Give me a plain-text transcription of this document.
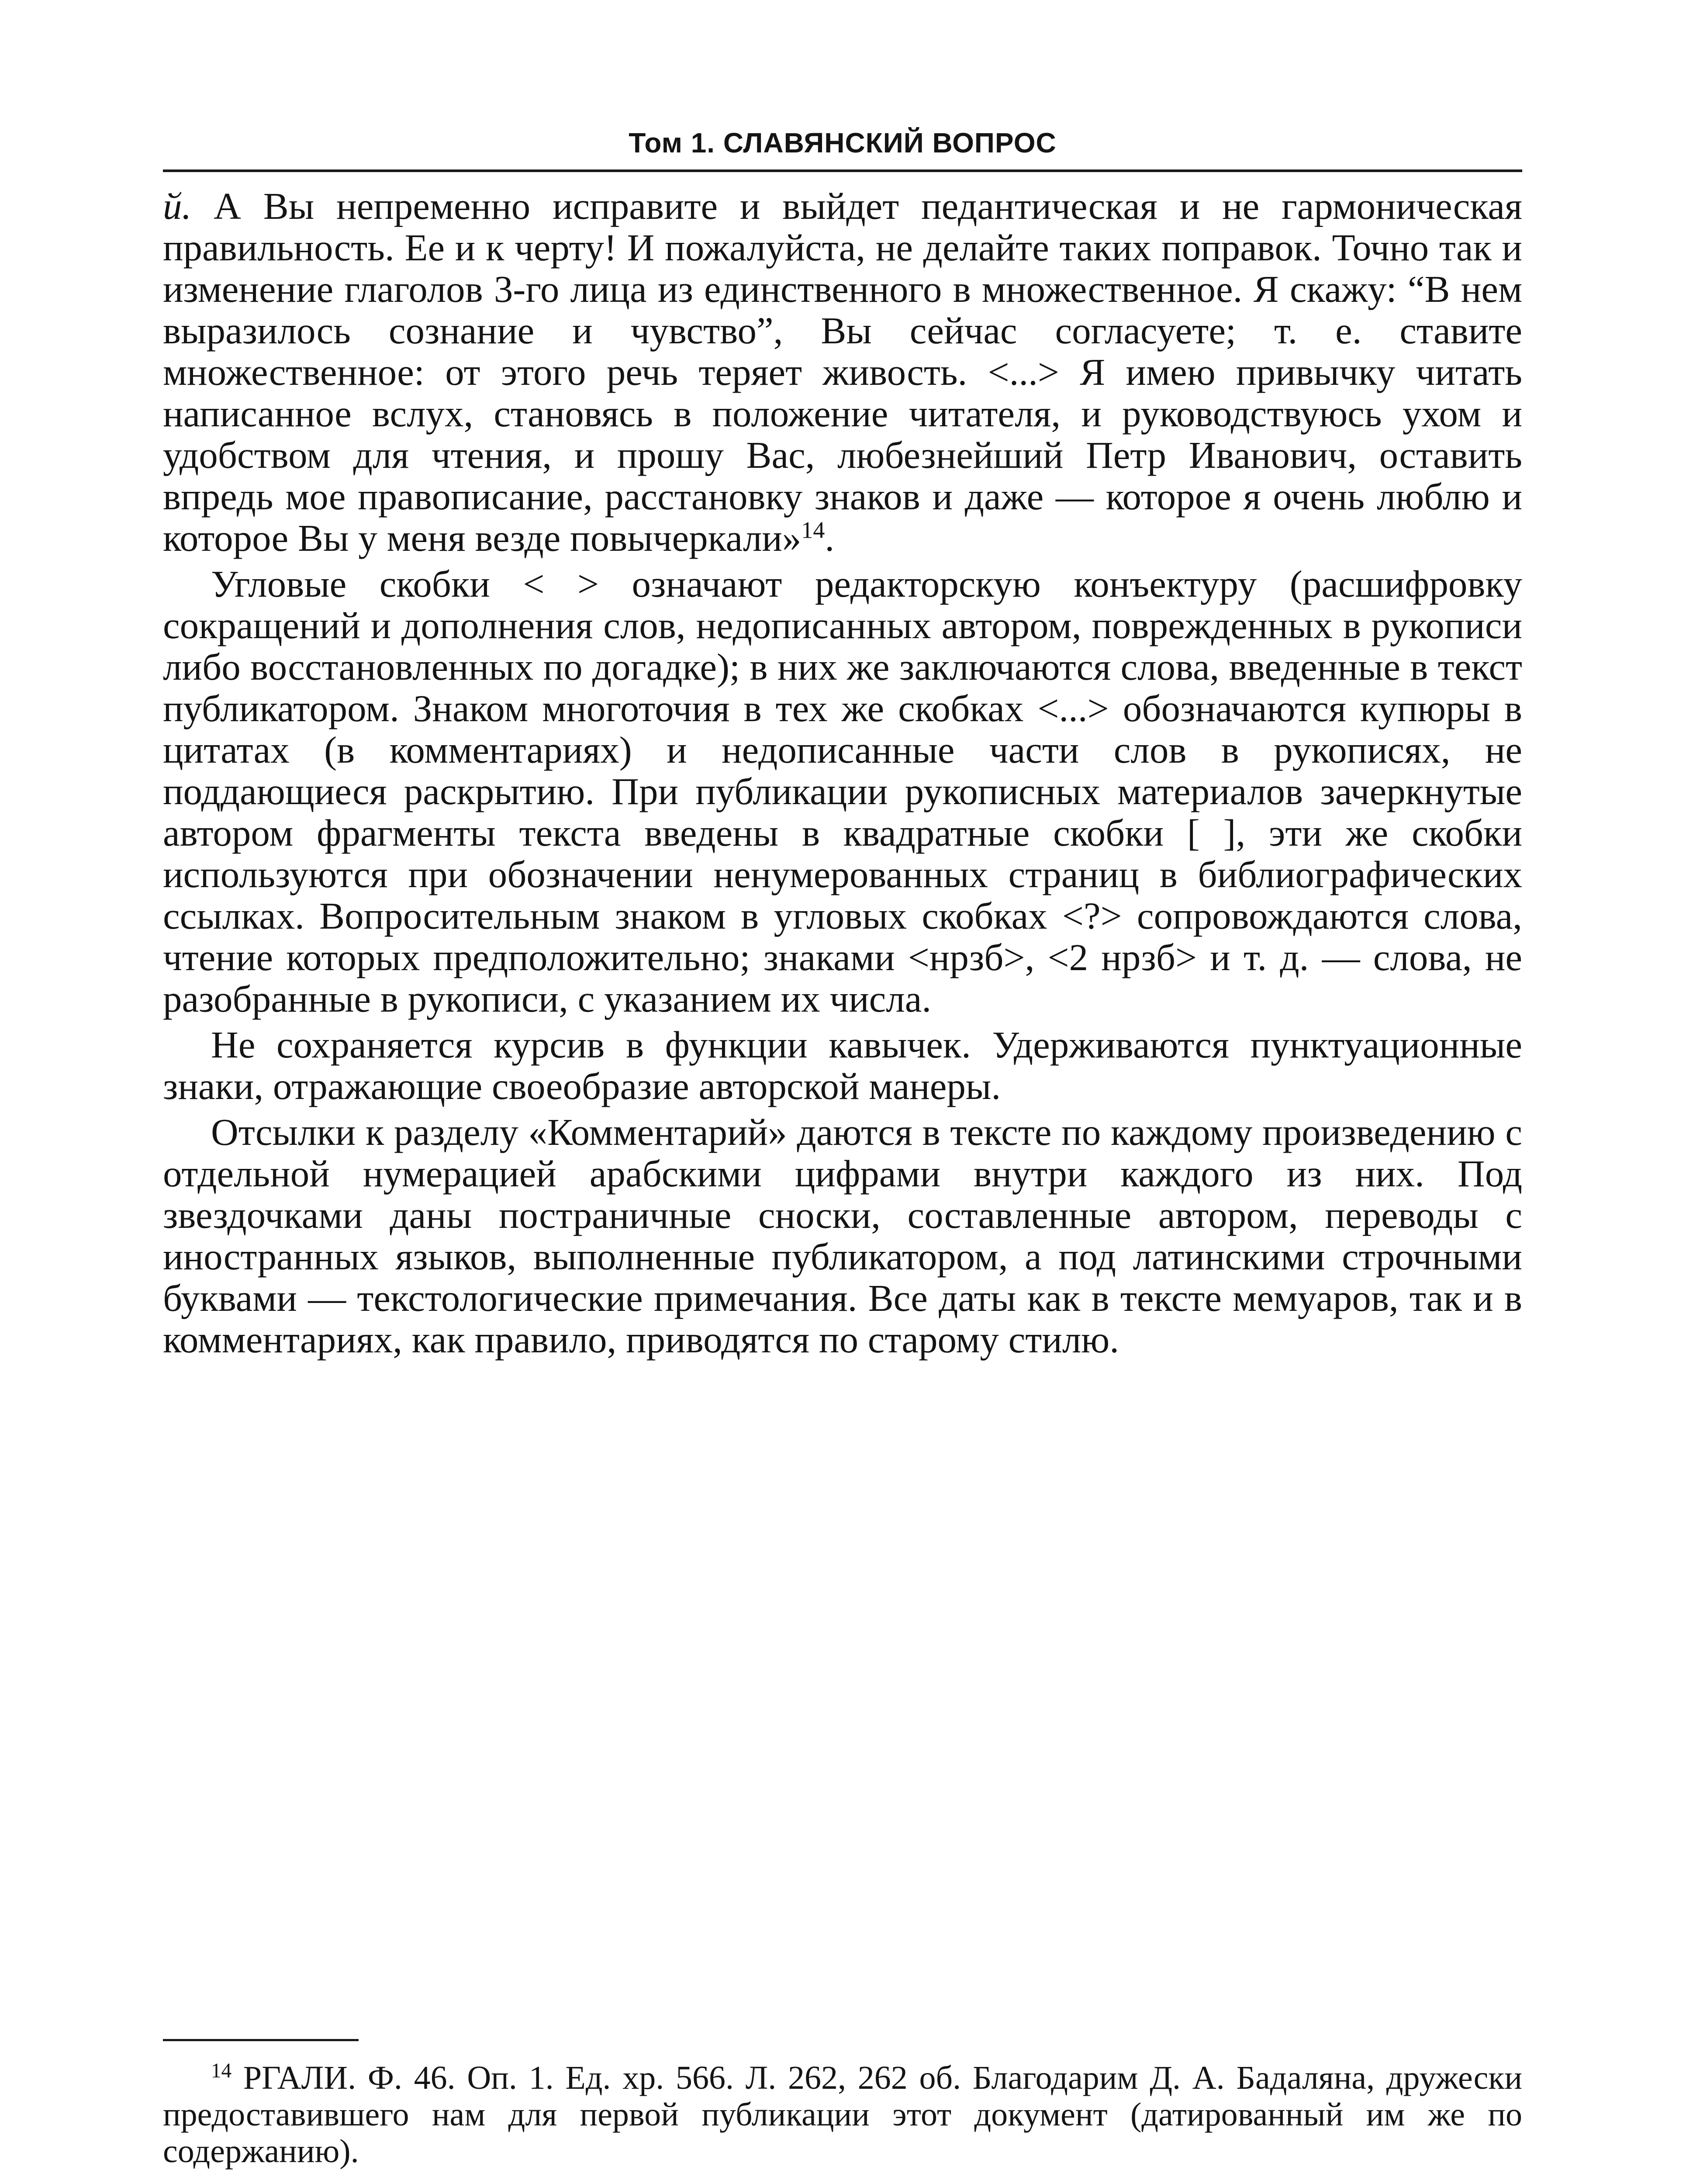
Том 1. СЛАВЯНСКИЙ ВОПРОС

й. А Вы непременно исправите и выйдет педантическая и не гармоническая правильность. Ее и к черту! И пожалуйста, не делайте таких поправок. Точно так и изменение глаголов 3-го лица из единственного в множественное. Я скажу: “В нем выразилось сознание и чувство”, Вы сейчас согласуете; т. е. ставите множественное: от этого речь теряет живость. <...> Я имею привычку читать написанное вслух, становясь в положение читателя, и руководствуюсь ухом и удобством для чтения, и прошу Вас, любезнейший Петр Иванович, оставить впредь мое правописание, расстановку знаков и даже — которое я очень люблю и которое Вы у меня везде повычеркали»$^{14}$.

Угловые скобки < > означают редакторскую конъектуру (расшифровку сокращений и дополнения слов, недописанных автором, поврежденных в рукописи либо восстановленных по догадке); в них же заключаются слова, введенные в текст публикатором. Знаком многоточия в тех же скобках <...> обозначаются купюры в цитатах (в комментариях) и недописанные части слов в рукописях, не поддающиеся раскрытию. При публикации рукописных материалов зачеркнутые автором фрагменты текста введены в квадратные скобки [ ], эти же скобки используются при обозначении ненумерованных страниц в библиографических ссылках. Вопросительным знаком в угловых скобках <?> сопровождаются слова, чтение которых предположительно; знаками <нрзб>, <2 нрзб> и т. д. — слова, не разобранные в рукописи, с указанием их числа.

Не сохраняется курсив в функции кавычек. Удерживаются пунктуационные знаки, отражающие своеобразие авторской манеры.

Отсылки к разделу «Комментарий» даются в тексте по каждому произведению с отдельной нумерацией арабскими цифрами внутри каждого из них. Под звездочками даны постраничные сноски, составленные автором, переводы с иностранных языков, выполненные публикатором, а под латинскими строчными буквами — текстологические примечания. Все даты как в тексте мемуаров, так и в комментариях, как правило, приводятся по старому стилю.

$^{14}$ РГАЛИ. Ф. 46. Оп. 1. Ед. хр. 566. Л. 262, 262 об. Благодарим Д. А. Бадаляна, дружески предоставившего нам для первой публикации этот документ (датированный им же по содержанию).
